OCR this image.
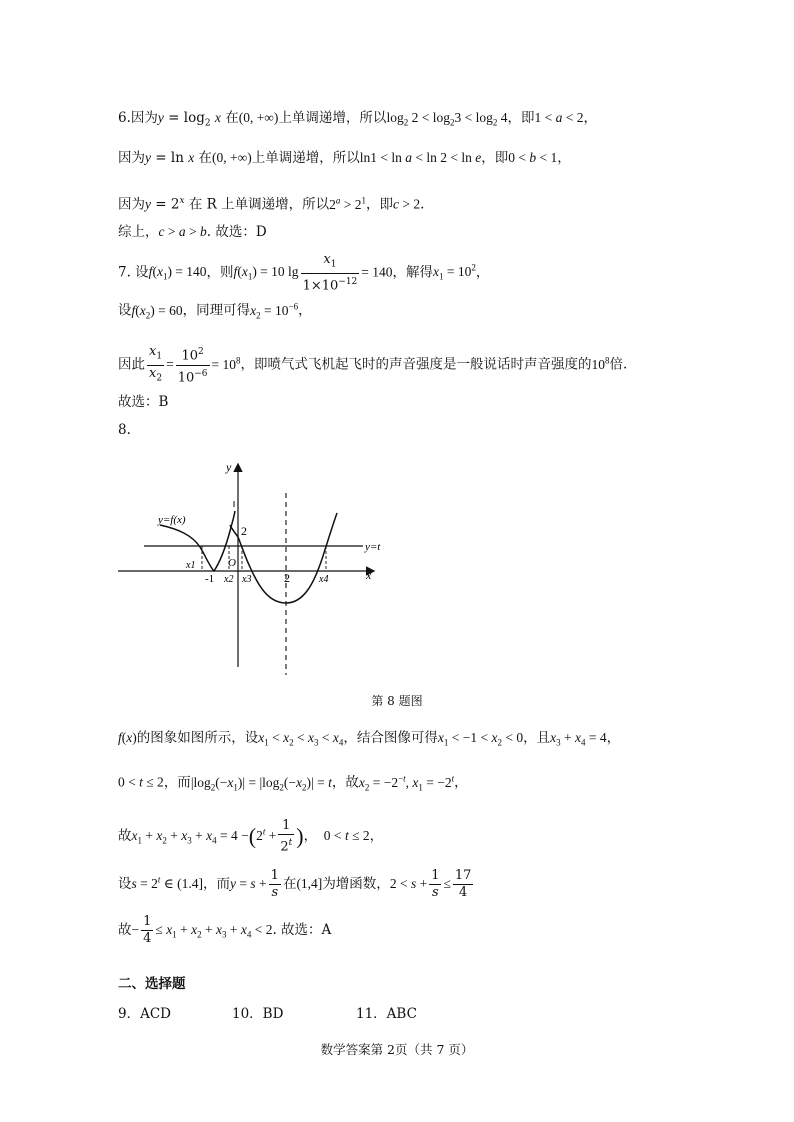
6.因为$y = \log_2 x$ 在(0, +∞)上单调递增，所以$\log_2 2 < \log_23 < \log_2 4$，即1 < a < 2，
因为y = ln x 在(0, +∞)上单调递增，所以ln1 < ln a < ln 2 < ln e，即0 < b < 1，
因为$y = 2^x$ 在 R 上单调递增，所以$2^a > 2^1$，即c > 2.
综上，c > a > b. 故选：D
7. 设$f(x_1) = 140$，则$f(x_1) = 10$ $\lg \frac{x_1}{1\times 10^{-12}} = 140$，解得$x_1 = 10^2$，
设$f(x_2) = 60$，同理可得$x_2 = 10^{-6}$，
因此 $\frac{x_1}{x_2} = \frac{10^2}{10^{-6}} = 10^8$，即喷气式飞机起飞时的声音强度是一般说话时声音强度的$10^8$倍.
故选：B
8.
y
x
y=f(x)
y=t
2
O
-1	2
x1
x2 x3	x4
第 8 题图
f(x)的图象如图所示，设$x_1 < x_2 < x_3 < x_4$，结合图像可得$x_1 < -1 < x_2 < 0$，且$x_3 + x_4 = 4$，
0 < t ≤ 2，而$|\log_2(-x_1)| = |\log_2(-x_2)| = t$，故$x_2 = -2^{-t}$, $x_1 = -2^t$，
故$x_1 + x_2 + x_3 + x_4 = 4 -(2^t + \frac{1}{2^t}$ )，  0 < t ≤ 2，
设$s = 2^t$ ∈ (1.4]，而$y = s + \frac{1}{s}$ 在(1,4]为增函数，$2 < s + \frac{1}{s} \le \frac{17}{4}$
故− $\frac{1}{4} \le x_1 + x_2 + x_3 + x_4 < 2$. 故选：A
二、选择题
9．ACD	10．BD	11．ABC
数学答案第 2页（共 7 页）
